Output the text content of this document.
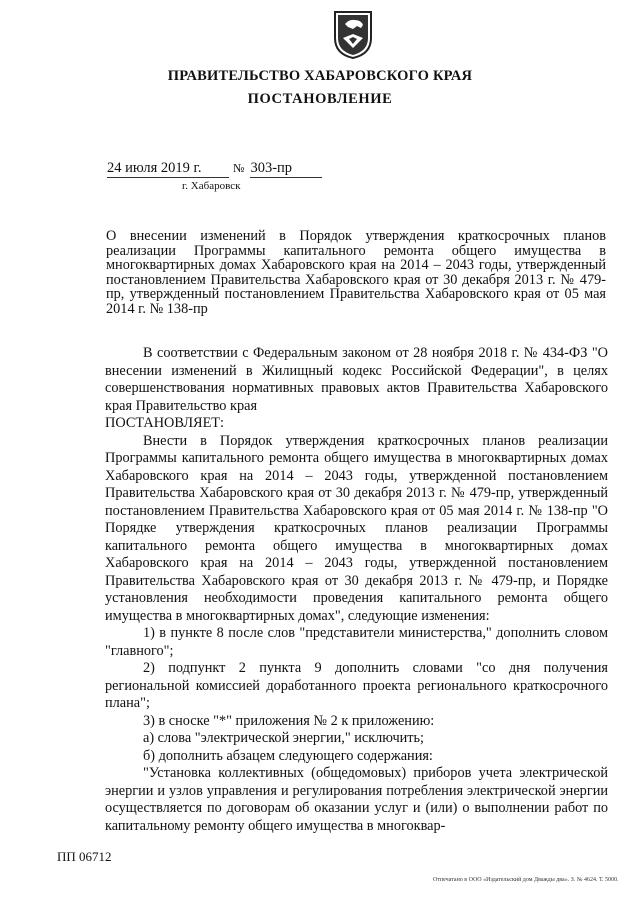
ПРАВИТЕЛЬСТВО ХАБАРОВСКОГО КРАЯ
ПОСТАНОВЛЕНИЕ
24 июля 2019 г.	№ 303-пр
г. Хабаровск
О внесении изменений в Порядок утверждения краткосрочных планов реализации Программы капитального ремонта общего имущества в многоквартирных домах Хабаровского края на 2014 – 2043 годы, утвержденный постановлением Правительства Хабаровского края от 30 декабря 2013 г. № 479-пр, утвержденный постановлением Правительства Хабаровского края от 05 мая 2014 г. № 138-пр

В соответствии с Федеральным законом от 28 ноября 2018 г. № 434-ФЗ "О внесении изменений в Жилищный кодекс Российской Федерации", в целях совершенствования нормативных правовых актов Правительства Хабаровского края Правительство края

ПОСТАНОВЛЯЕТ:

Внести в Порядок утверждения краткосрочных планов реализации Программы капитального ремонта общего имущества в многоквартирных домах Хабаровского края на 2014 – 2043 годы, утвержденной постановлением Правительства Хабаровского края от 30 декабря 2013 г. № 479-пр, утвержденный постановлением Правительства Хабаровского края от 05 мая 2014 г. № 138-пр "О Порядке утверждения краткосрочных планов реализации Программы капитального ремонта общего имущества в многоквартирных домах Хабаровского края на 2014 – 2043 годы, утвержденной постановлением Правительства Хабаровского края от 30 декабря 2013 г. № 479-пр, и Порядке установления необходимости проведения капитального ремонта общего имущества в многоквартирных домах", следующие изменения:

1) в пункте 8 после слов "представители министерства," дополнить словом "главного";

2) подпункт 2 пункта 9 дополнить словами "со дня получения региональной комиссией доработанного проекта регионального краткосрочного плана";

3) в сноске "*" приложения № 2 к приложению:

а) слова "электрической энергии," исключить;

б) дополнить абзацем следующего содержания:

"Установка коллективных (общедомовых) приборов учета электрической энергии и узлов управления и регулирования потребления электрической энергии осуществляется по договорам об оказании услуг и (или) о выполнении работ по капитальному ремонту общего имущества в многоквар-

ПП 06712
Отпечатано в ООО «Издательский дом Дважды два». З. № 4624. Т. 5000.
